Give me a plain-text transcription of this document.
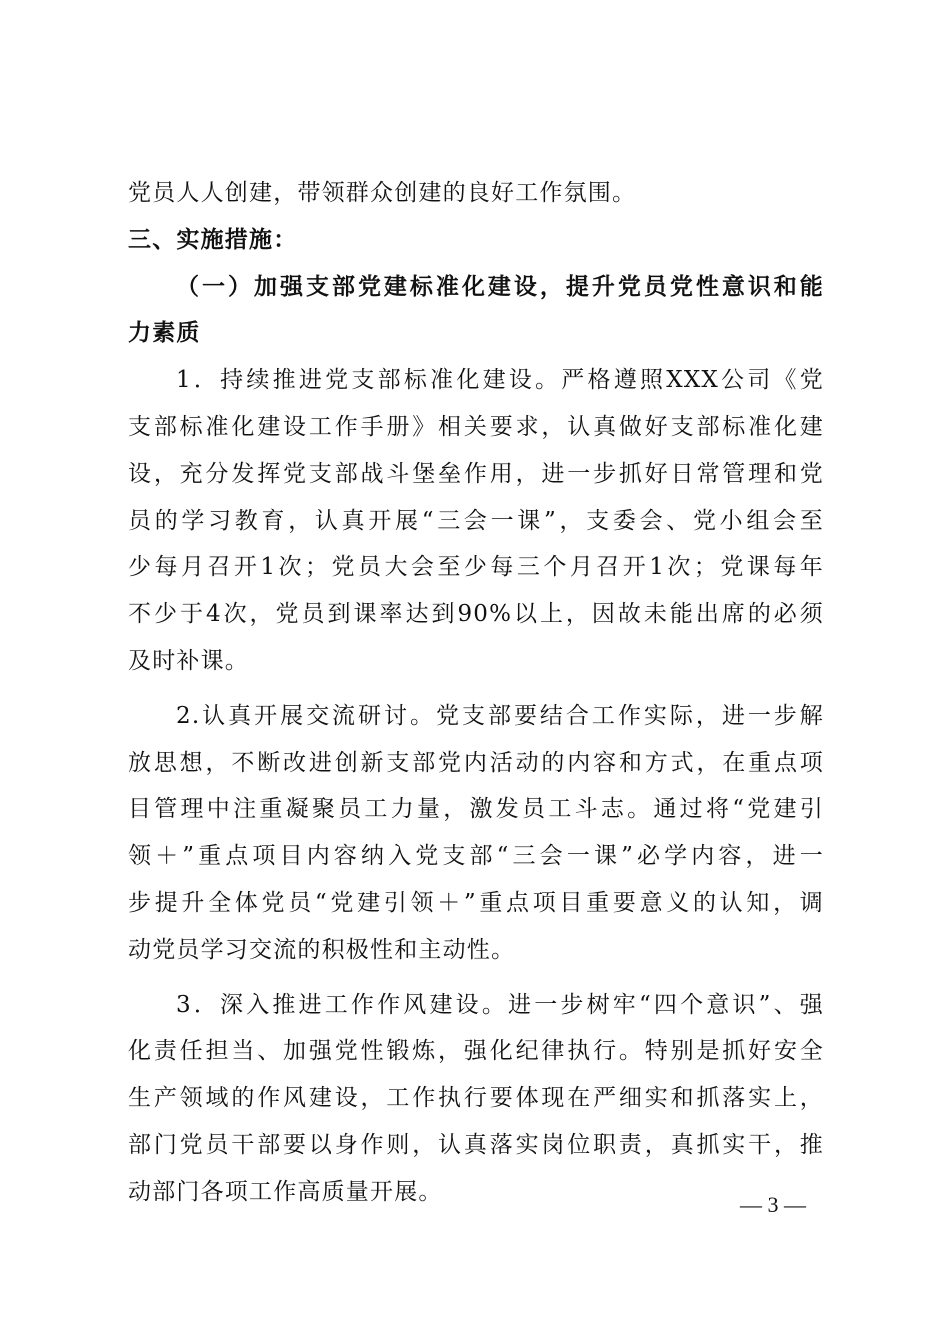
党员人人创建，带领群众创建的良好工作氛围。
三、实施措施：
（一）加强支部党建标准化建设，提升党员党性意识和能
力素质
1．持续推进党支部标准化建设。严格遵照XXX公司《党
支部标准化建设工作手册》相关要求，认真做好支部标准化建
设，充分发挥党支部战斗堡垒作用，进一步抓好日常管理和党
员的学习教育，认真开展“三会一课”，支委会、党小组会至
少每月召开1次；党员大会至少每三个月召开1次；党课每年
不少于4次，党员到课率达到90%以上，因故未能出席的必须
及时补课。
2.认真开展交流研讨。党支部要结合工作实际，进一步解
放思想，不断改进创新支部党内活动的内容和方式，在重点项
目管理中注重凝聚员工力量，激发员工斗志。通过将“党建引
领＋”重点项目内容纳入党支部“三会一课”必学内容，进一
步提升全体党员“党建引领＋”重点项目重要意义的认知，调
动党员学习交流的积极性和主动性。
3．深入推进工作作风建设。进一步树牢“四个意识”、强
化责任担当、加强党性锻炼，强化纪律执行。特别是抓好安全
生产领域的作风建设，工作执行要体现在严细实和抓落实上，
部门党员干部要以身作则，认真落实岗位职责，真抓实干，推
动部门各项工作高质量开展。	— 3 —
